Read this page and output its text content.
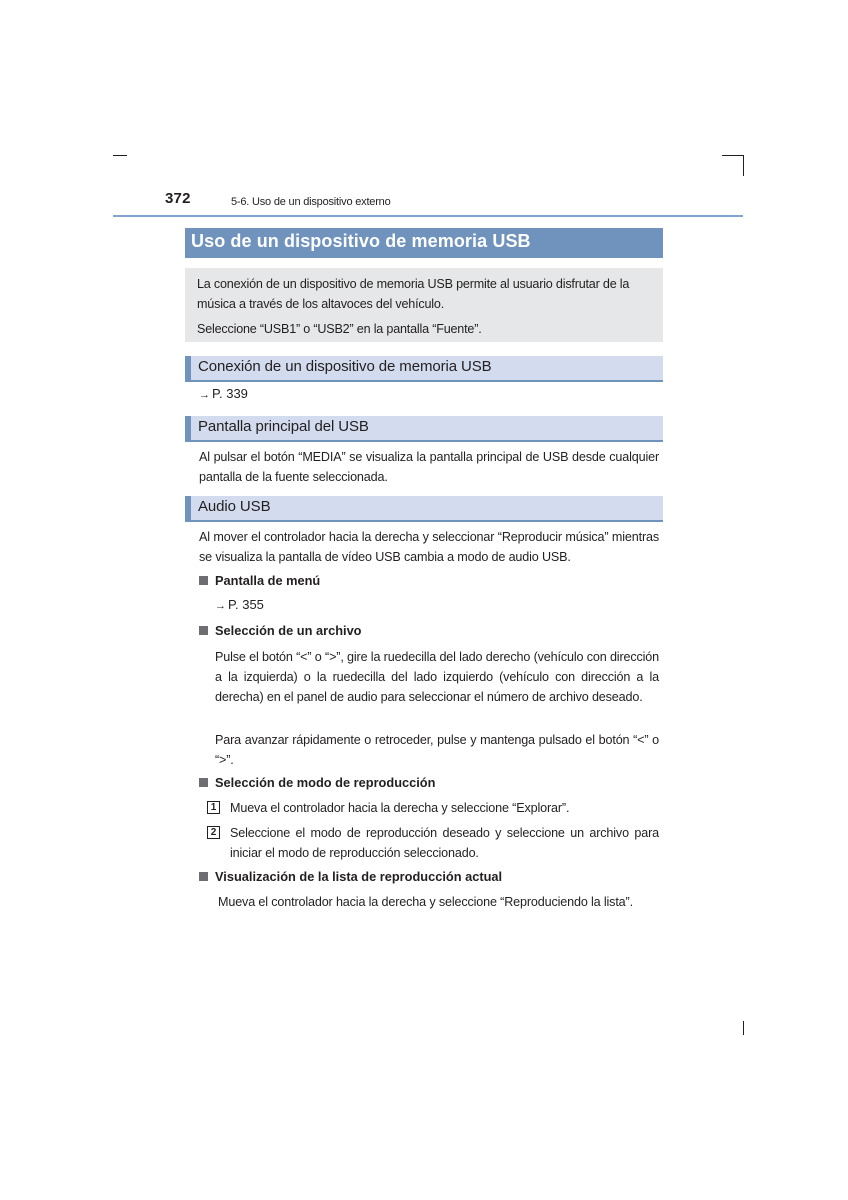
372	5-6. Uso de un dispositivo externo
Uso de un dispositivo de memoria USB

La conexión de un dispositivo de memoria USB permite al usuario disfrutar de la música a través de los altavoces del vehículo.

Seleccione “USB1” o “USB2” en la pantalla “Fuente”.

Conexión de un dispositivo de memoria USB
→ P. 339
Pantalla principal del USB

Al pulsar el botón “MEDIA” se visualiza la pantalla principal de USB desde cualquier pantalla de la fuente seleccionada.

Audio USB

Al mover el controlador hacia la derecha y seleccionar “Reproducir música” mientras se visualiza la pantalla de vídeo USB cambia a modo de audio USB.

Pantalla de menú
→ P. 355
Selección de un archivo

Pulse el botón “<” o “>”, gire la ruedecilla del lado derecho (vehículo con dirección a la izquierda) o la ruedecilla del lado izquierdo (vehículo con dirección a la derecha) en el panel de audio para seleccionar el número de archivo deseado.

Para avanzar rápidamente o retroceder, pulse y mantenga pulsado el botón “<” o “>”.

Selección de modo de reproducción
1	Mueva el controlador hacia la derecha y seleccione “Explorar”.
2	Seleccione el modo de reproducción deseado y seleccione un archivo para iniciar el modo de reproducción seleccionado.
Visualización de la lista de reproducción actual

Mueva el controlador hacia la derecha y seleccione “Reproduciendo la lista”.
